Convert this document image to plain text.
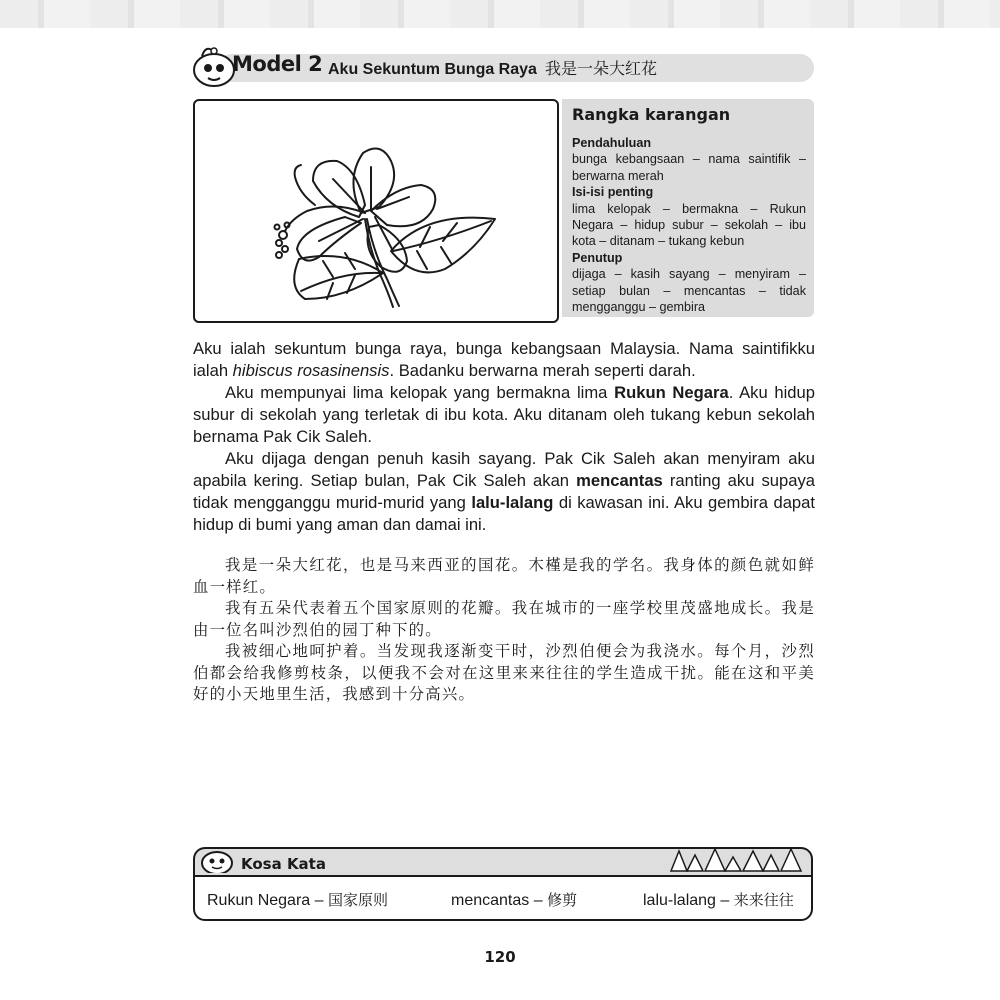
Model 2 Aku Sekuntum Bunga Raya 我是一朵大红花
Rangka karangan
Pendahuluan
bunga kebangsaan – nama saintifik – berwarna merah
Isi-isi penting
lima kelopak – bermakna – Rukun Negara – hidup subur – sekolah – ibu kota – ditanam – tukang kebun
Penutup
dijaga – kasih sayang – menyiram – setiap bulan – mencantas – tidak mengganggu – gembira

Aku ialah sekuntum bunga raya, bunga kebangsaan Malaysia. Nama saintifikku ialah hibiscus rosasinensis. Badanku berwarna merah seperti darah.

Aku mempunyai lima kelopak yang bermakna lima Rukun Negara. Aku hidup subur di sekolah yang terletak di ibu kota. Aku ditanam oleh tukang kebun sekolah bernama Pak Cik Saleh.

Aku dijaga dengan penuh kasih sayang. Pak Cik Saleh akan menyiram aku apabila kering. Setiap bulan, Pak Cik Saleh akan mencantas ranting aku supaya tidak mengganggu murid-murid yang lalu-lalang di kawasan ini. Aku gembira dapat hidup di bumi yang aman dan damai ini.

我是一朵大红花，也是马来西亚的国花。木槿是我的学名。我身体的颜色就如鲜血一样红。

我有五朵代表着五个国家原则的花瓣。我在城市的一座学校里茂盛地成长。我是由一位名叫沙烈伯的园丁种下的。

我被细心地呵护着。当发现我逐渐变干时，沙烈伯便会为我浇水。每个月，沙烈伯都会给我修剪枝条，以便我不会对在这里来来往往的学生造成干扰。能在这和平美好的小天地里生活，我感到十分高兴。

Kosa Kata
Rukun Negara – 国家原则	mencantas – 修剪	lalu-lalang – 来来往往
120
